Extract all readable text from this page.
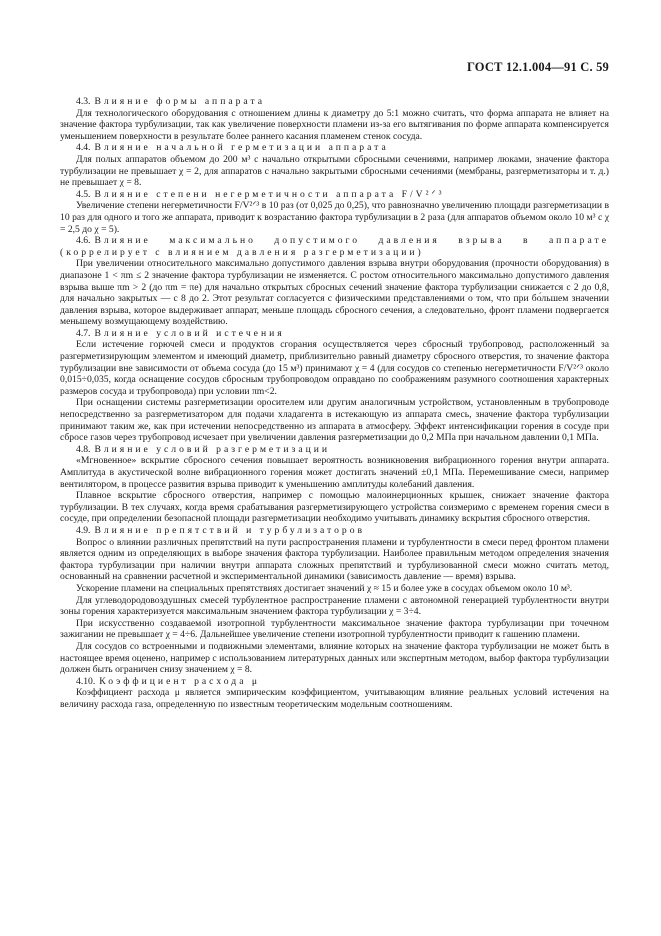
ГОСТ 12.1.004—91 С. 59
4.3. Влияние формы аппарата
Для технологического оборудования с отношением длины к диаметру до 5:1 можно считать, что форма аппарата не влияет на значение фактора турбулизации, так как увеличение поверхности пламени из-за его вытягивания по форме аппарата компенсируется уменьшением поверхности в результате более раннего касания пламенем стенок сосуда.
4.4. Влияние начальной герметизации аппарата
Для полых аппаратов объемом до 200 м³ с начально открытыми сбросными сечениями, например люками, значение фактора турбулизации не превышает χ = 2, для аппаратов с начально закрытыми сбросными сечениями (мембраны, разгерметизаторы и т. д.) не превышает χ = 8.
4.5. Влияние степени негерметичности аппарата F/V²ᐟ³
Увеличение степени негерметичности F/V²ᐟ³ в 10 раз (от 0,025 до 0,25), что равнозначно увеличению площади разгерметизации в 10 раз для одного и того же аппарата, приводит к возрастанию фактора турбулизации в 2 раза (для аппаратов объемом около 10 м³ с χ = 2,5 до χ = 5).
4.6. Влияние максимально допустимого давления взрыва в аппарате (коррелирует с влиянием давления разгерметизации)
При увеличении относительного максимально допустимого давления взрыва внутри оборудования (прочности оборудования) в диапазоне 1 < πm ≤ 2 значение фактора турбулизации не изменяется. С ростом относительного максимально допустимого давления взрыва выше πm > 2 (до πm = πe) для начально открытых сбросных сечений значение фактора турбулизации снижается с 2 до 0,8, для начально закрытых — с 8 до 2. Этот результат согласуется с физическими представлениями о том, что при бо́льшем значении давления взрыва, которое выдерживает аппарат, меньше площадь сбросного сечения, а следовательно, фронт пламени подвергается меньшему возмущающему воздействию.
4.7. Влияние условий истечения
Если истечение горючей смеси и продуктов сгорания осуществляется через сбросный трубопровод, расположенный за разгерметизирующим элементом и имеющий диаметр, приблизительно равный диаметру сбросного отверстия, то значение фактора турбулизации вне зависимости от объема сосуда (до 15 м³) принимают χ = 4 (для сосудов со степенью негерметичности F/V²ᐟ³ около 0,015÷0,035, когда оснащение сосудов сбросным трубопроводом оправдано по соображениям разумного соотношения характерных размеров сосуда и трубопровода) при условии πm<2.
При оснащении системы разгерметизации оросителем или другим аналогичным устройством, установленным в трубопроводе непосредственно за разгерметизатором для подачи хладагента в истекающую из аппарата смесь, значение фактора турбулизации принимают таким же, как при истечении непосредственно из аппарата в атмосферу. Эффект интенсификации горения в сосуде при сбросе газов через трубопровод исчезает при увеличении давления разгерметизации до 0,2 МПа при начальном давлении 0,1 МПа.
4.8. Влияние условий разгерметизации
«Мгновенное» вскрытие сбросного сечения повышает вероятность возникновения вибрационного горения внутри аппарата. Амплитуда в акустической волне вибрационного горения может достигать значений ±0,1 МПа. Перемешивание смеси, например вентилятором, в процессе развития взрыва приводит к уменьшению амплитуды колебаний давления.
Плавное вскрытие сбросного отверстия, например с помощью малоинерционных крышек, снижает значение фактора турбулизации. В тех случаях, когда время срабатывания разгерметизирующего устройства соизмеримо с временем горения смеси в сосуде, при определении безопасной площади разгерметизации необходимо учитывать динамику вскрытия сбросного отверстия.
4.9. Влияние препятствий и турбулизаторов
Вопрос о влиянии различных препятствий на пути распространения пламени и турбулентности в смеси перед фронтом пламени является одним из определяющих в выборе значения фактора турбулизации. Наиболее правильным методом определения значения фактора турбулизации при наличии внутри аппарата сложных препятствий и турбулизованной смеси можно считать метод, основанный на сравнении расчетной и экспериментальной динамики (зависимость давление — время) взрыва.
Ускорение пламени на специальных препятствиях достигает значений χ ≈ 15 и более уже в сосудах объемом около 10 м³.
Для углеводородовоздушных смесей турбулентное распространение пламени с автономной генерацией турбулентности внутри зоны горения характеризуется максимальным значением фактора турбулизации χ = 3÷4.
При искусственно создаваемой изотропной турбулентности максимальное значение фактора турбулизации при точечном зажигании не превышает χ = 4÷6. Дальнейшее увеличение степени изотропной турбулентности приводит к гашению пламени.
Для сосудов со встроенными и подвижными элементами, влияние которых на значение фактора турбулизации не может быть в настоящее время оценено, например с использованием литературных данных или экспертным методом, выбор фактора турбулизации должен быть ограничен снизу значением χ = 8.
4.10. Коэффициент расхода μ
Коэффициент расхода μ является эмпирическим коэффициентом, учитывающим влияние реальных условий истечения на величину расхода газа, определенную по известным теоретическим модельным соотношениям.
